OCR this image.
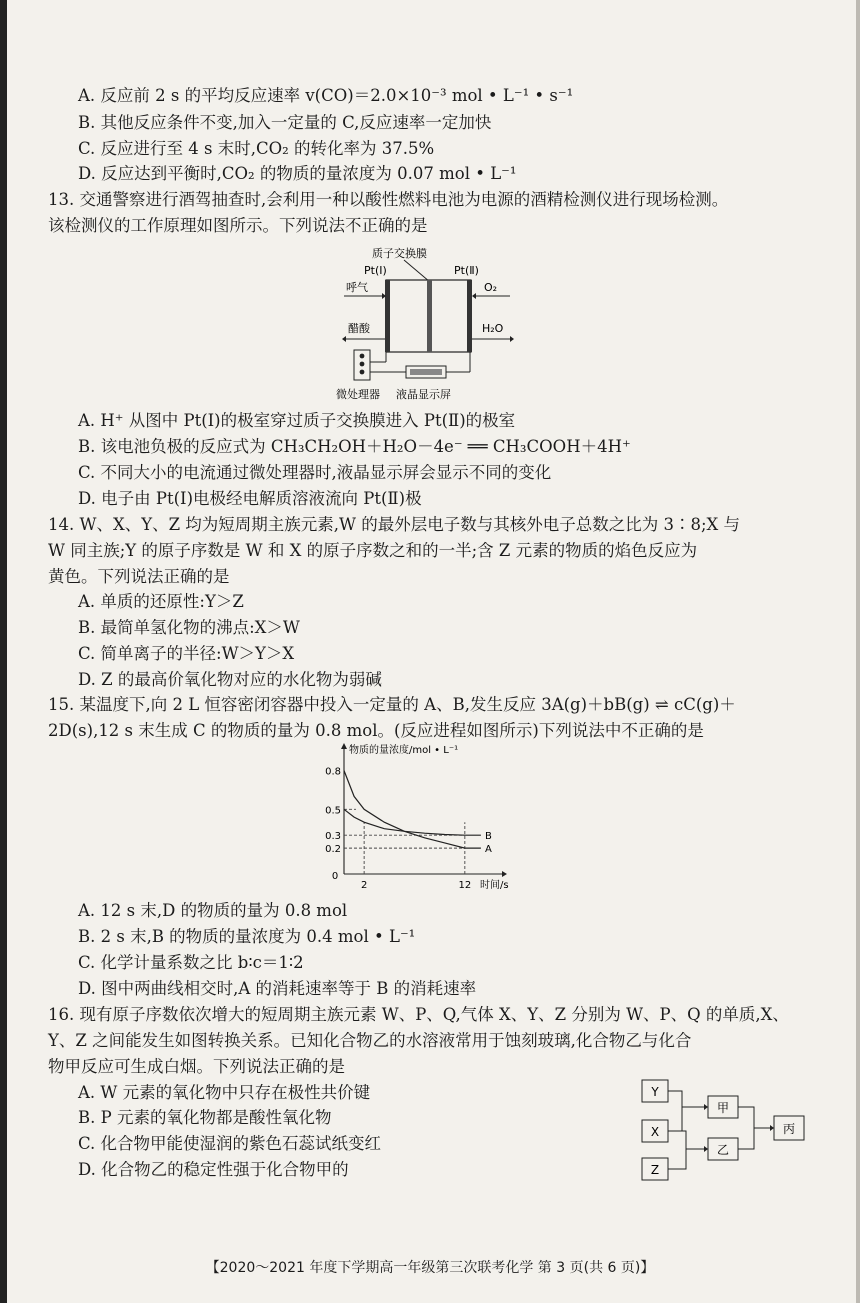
A. 反应前 2 s 的平均反应速率 v(CO)＝2.0×10⁻³ mol • L⁻¹ • s⁻¹
B. 其他反应条件不变,加入一定量的 C,反应速率一定加快
C. 反应进行至 4 s 末时,CO₂ 的转化率为 37.5%
D. 反应达到平衡时,CO₂ 的物质的量浓度为 0.07 mol • L⁻¹
13. 交通警察进行酒驾抽查时,会利用一种以酸性燃料电池为电源的酒精检测仪进行现场检测。
该检测仪的工作原理如图所示。下列说法不正确的是
质子交换膜
Pt(Ⅰ)	Pt(Ⅱ)
呼气	O₂
醋酸	H₂O
微处理器 液晶显示屏
A. H⁺ 从图中 Pt(Ⅰ)的极室穿过质子交换膜进入 Pt(Ⅱ)的极室
B. 该电池负极的反应式为 CH₃CH₂OH＋H₂O－4e⁻ ══ CH₃COOH＋4H⁺
C. 不同大小的电流通过微处理器时,液晶显示屏会显示不同的变化
D. 电子由 Pt(Ⅰ)电极经电解质溶液流向 Pt(Ⅱ)极
14. W、X、Y、Z 均为短周期主族元素,W 的最外层电子数与其核外电子总数之比为 3∶8;X 与
W 同主族;Y 的原子序数是 W 和 X 的原子序数之和的一半;含 Z 元素的物质的焰色反应为
黄色。下列说法正确的是
A. 单质的还原性:Y＞Z
B. 最简单氢化物的沸点:X＞W
C. 简单离子的半径:W＞Y＞X
D. Z 的最高价氧化物对应的水化物为弱碱
15. 某温度下,向 2 L 恒容密闭容器中投入一定量的 A、B,发生反应 3A(g)＋bB(g) ⇌ cC(g)＋
2D(s),12 s 末生成 C 的物质的量为 0.8 mol。(反应进程如图所示)下列说法中不正确的是
物质的量浓度/mol • L⁻¹
时间/s
0
0.2
0.3
0.5
0.8
2	12
A
B
A. 12 s 末,D 的物质的量为 0.8 mol
B. 2 s 末,B 的物质的量浓度为 0.4 mol • L⁻¹
C. 化学计量系数之比 b∶c＝1∶2
D. 图中两曲线相交时,A 的消耗速率等于 B 的消耗速率
16. 现有原子序数依次增大的短周期主族元素 W、P、Q,气体 X、Y、Z 分别为 W、P、Q 的单质,X、
Y、Z 之间能发生如图转换关系。已知化合物乙的水溶液常用于蚀刻玻璃,化合物乙与化合
物甲反应可生成白烟。下列说法正确的是
A. W 元素的氧化物中只存在极性共价键
B. P 元素的氧化物都是酸性氧化物
C. 化合物甲能使湿润的紫色石蕊试纸变红
D. 化合物乙的稳定性强于化合物甲的
Y
X
Z
甲
乙
丙
【2020～2021 年度下学期高一年级第三次联考化学 第 3 页(共 6 页)】
